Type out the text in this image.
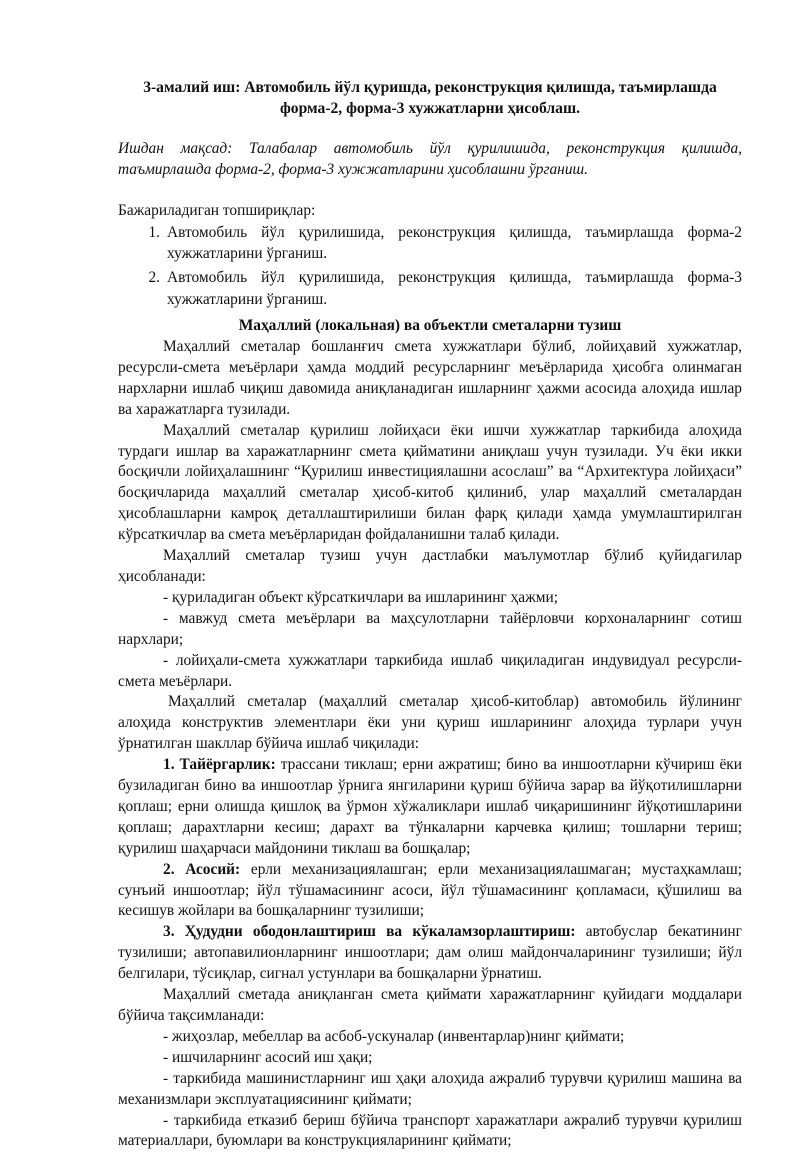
3-амалий иш: Автомобиль йўл қуришда, реконструкция қилишда, таъмирлашда
форма-2, форма-3 хужжатларни ҳисоблаш.

Ишдан мақсад: Талабалар автомобиль йўл қурилишида, реконструкция қилишда, таъмирлашда форма-2, форма-3 хужжатларини ҳисоблашни ўрганиш.

Бажариладиган топшириқлар:

1. Автомобиль йўл қурилишида, реконструкция қилишда, таъмирлашда форма-2 хужжатларини ўрганиш.
2. Автомобиль йўл қурилишида, реконструкция қилишда, таъмирлашда форма-3 хужжатларини ўрганиш.

Маҳаллий (локальная) ва объектли сметаларни тузиш

Маҳаллий сметалар бошланғич смета хужжатлари бўлиб, лойиҳавий хужжатлар, ресурсли-смета меъёрлари ҳамда моддий ресурсларнинг меъёрларида ҳисобга олинмаган нархларни ишлаб чиқиш давомида аниқланадиган ишларнинг ҳажми асосида алоҳида ишлар ва харажатларга тузилади.

Маҳаллий сметалар қурилиш лойиҳаси ёки ишчи хужжатлар таркибида алоҳида турдаги ишлар ва харажатларнинг смета қийматини аниқлаш учун тузилади. Уч ёки икки босқичли лойиҳалашнинг “Қурилиш инвестициялашни асослаш” ва “Архитектура лойиҳаси” босқичларида маҳаллий сметалар ҳисоб-китоб қилиниб, улар маҳаллий сметалардан ҳисоблашларни камроқ деталлаштирилиши билан фарқ қилади ҳамда умумлаштирилган кўрсаткичлар ва смета меъёрларидан фойдаланишни талаб қилади.

Маҳаллий сметалар тузиш учун дастлабки маълумотлар бўлиб қуйидагилар ҳисобланади:

- қуриладиган объект кўрсаткичлари ва ишларининг ҳажми;

- мавжуд смета меъёрлари ва маҳсулотларни тайёрловчи корхоналарнинг сотиш нархлари;

- лойиҳали-смета хужжатлари таркибида ишлаб чиқиладиган индувидуал ресурсли-смета меъёрлари.

Маҳаллий сметалар (маҳаллий сметалар ҳисоб-китоблар) автомобиль йўлининг алоҳида конструктив элементлари ёки уни қуриш ишларининг алоҳида турлари учун ўрнатилган шакллар бўйича ишлаб чиқилади:

1. Тайёргарлик: трассани тиклаш; ерни ажратиш; бино ва иншоотларни кўчириш ёки бузиладиган бино ва иншоотлар ўрнига янгиларини қуриш бўйича зарар ва йўқотилишларни қоплаш; ерни олишда қишлоқ ва ўрмон хўжаликлари ишлаб чиқаришининг йўқотишларини қоплаш; дарахтларни кесиш; дарахт ва тўнкаларни карчевка қилиш; тошларни териш; қурилиш шаҳарчаси майдонини тиклаш ва бошқалар;

2. Асосий: ерли механизациялашган; ерли механизациялашмаган; мустаҳкамлаш; сунъий иншоотлар; йўл тўшамасининг асоси, йўл тўшамасининг қопламаси, қўшилиш ва кесишув жойлари ва бошқаларнинг тузилиши;

3. Ҳудудни ободонлаштириш ва кўкаламзорлаштириш: автобуслар бекатининг тузилиши; автопавилионларнинг иншоотлари; дам олиш майдончаларининг тузилиши; йўл белгилари, тўсиқлар, сигнал устунлари ва бошқаларни ўрнатиш.

Маҳаллий сметада аниқланган смета қиймати харажатларнинг қуйидаги моддалари бўйича тақсимланади:

- жиҳозлар, мебеллар ва асбоб-ускуналар (инвентарлар)нинг қиймати;

- ишчиларнинг асосий иш ҳақи;

- таркибида машинистларнинг иш ҳақи алоҳида ажралиб турувчи қурилиш машина ва механизмлари эксплуатациясининг қиймати;

- таркибида етказиб бериш бўйича транспорт харажатлари ажралиб турувчи қурилиш материаллари, буюмлари ва конструкцияларининг қиймати;
